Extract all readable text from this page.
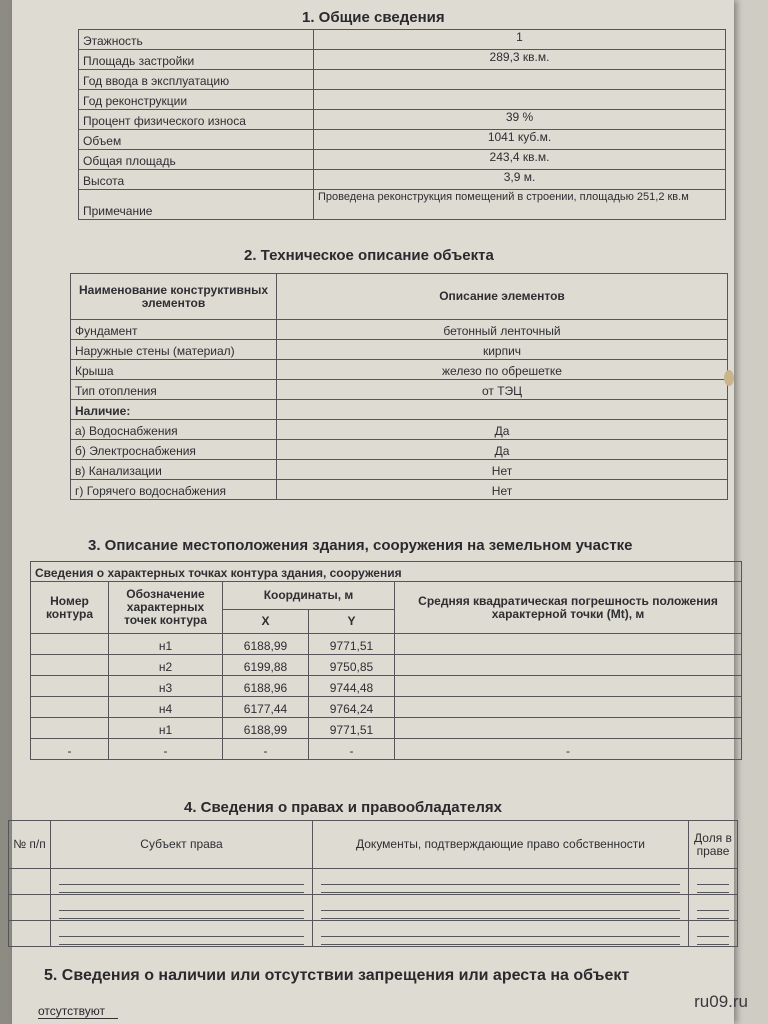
1. Общие сведения
Этажность	1
Площадь застройки	289,3 кв.м.
Год ввода в эксплуатацию	
Год реконструкции	
Процент физического износа	39 %
Объем	1041 куб.м.
Общая площадь	243,4 кв.м.
Высота	3,9 м.
Примечание	Проведена реконструкция помещений в строении, площадью 251,2 кв.м
2. Техническое описание объекта
Наименование конструктивных элементов	Описание элементов
Фундамент	бетонный ленточный
Наружные стены (материал)	кирпич
Крыша	железо по обрешетке
Тип отопления	от ТЭЦ
Наличие:	
а) Водоснабжения	Да
б) Электроснабжения	Да
в) Канализации	Нет
г) Горячего водоснабжения	Нет
3. Описание местоположения здания, сооружения на земельном участке
Сведения о характерных точках контура здания, сооружения				
Номер контура	Обозначение характерных точек контура	Координаты, м		Средняя квадратическая погрешность положения характерной точки (Mt), м
		X	Y	
	н1	6188,99	9771,51	
	н2	6199,88	9750,85	
	н3	6188,96	9744,48	
	н4	6177,44	9764,24	
	н1	6188,99	9771,51	
-	-	-	-	-
4. Сведения о правах и правообладателях
№ п/п	Субъект права	Документы, подтверждающие право собственности	Доля в праве

5. Сведения о наличии или отсутствии запрещения или ареста на объект
отсутствуют	ru09.ru
